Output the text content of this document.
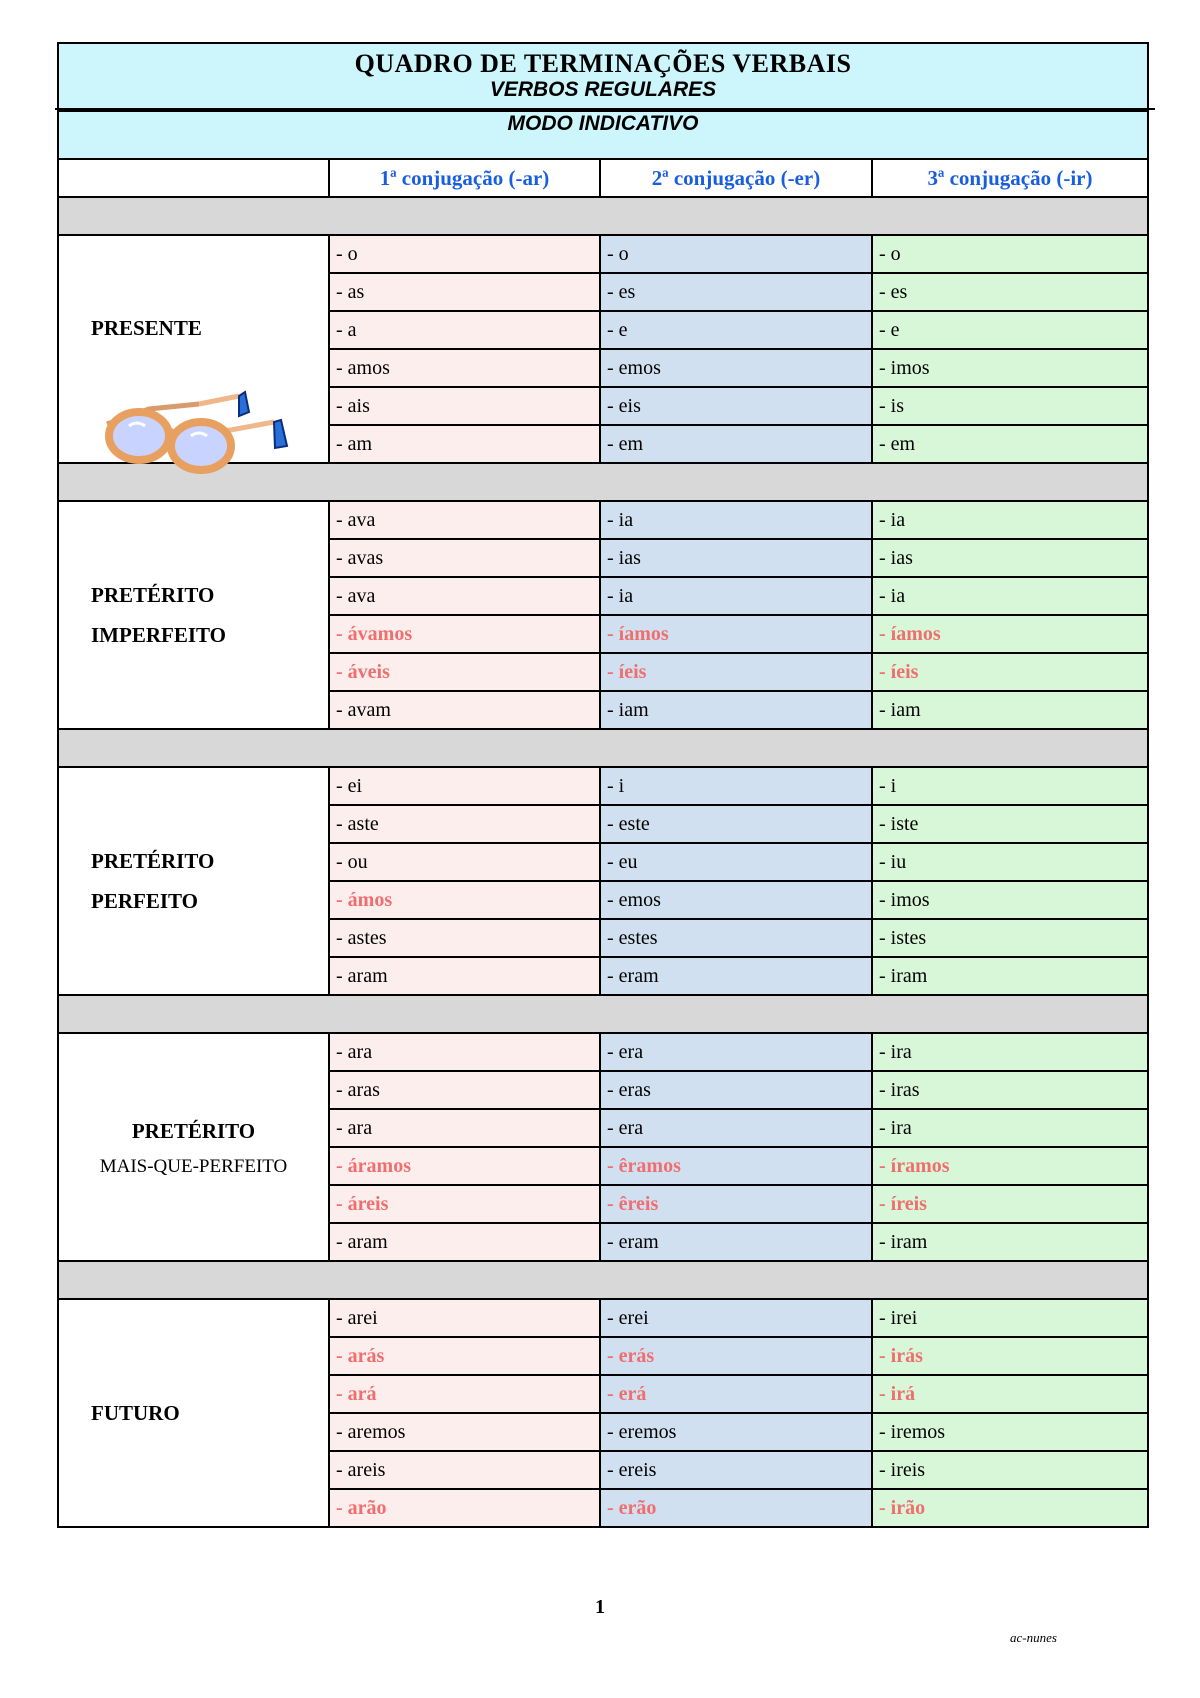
QUADRO DE TERMINAÇÕES VERBAIS
VERBOS REGULARES			

MODO INDICATIVO			

	1ª conjugação (-ar)	2ª conjugação (-er)	3ª conjugação (-ir)

PRESENTE	- o	- o	- o
	- as	- es	- es
	- a	- e	- e
	- amos	- emos	- imos
	- ais	- eis	- is
	- am	- em	- em

PRETÉRITO
IMPERFEITO	- ava	- ia	- ia
	- avas	- ias	- ias
	- ava	- ia	- ia
	- ávamos	- íamos	- íamos
	- áveis	- íeis	- íeis
	- avam	- iam	- iam

PRETÉRITO
PERFEITO	- ei	- i	- i
	- aste	- este	- iste
	- ou	- eu	- iu
	- ámos	- emos	- imos
	- astes	- estes	- istes
	- aram	- eram	- iram

PRETÉRITO
MAIS-QUE-PERFEITO	- ara	- era	- ira
	- aras	- eras	- iras
	- ara	- era	- ira
	- áramos	- êramos	- íramos
	- áreis	- êreis	- íreis
	- aram	- eram	- iram

FUTURO	- arei	- erei	- irei
	- arás	- erás	- irás
	- ará	- erá	- irá
	- aremos	- eremos	- iremos
	- areis	- ereis	- ireis
	- arão	- erão	- irão
1
ac-nunes
